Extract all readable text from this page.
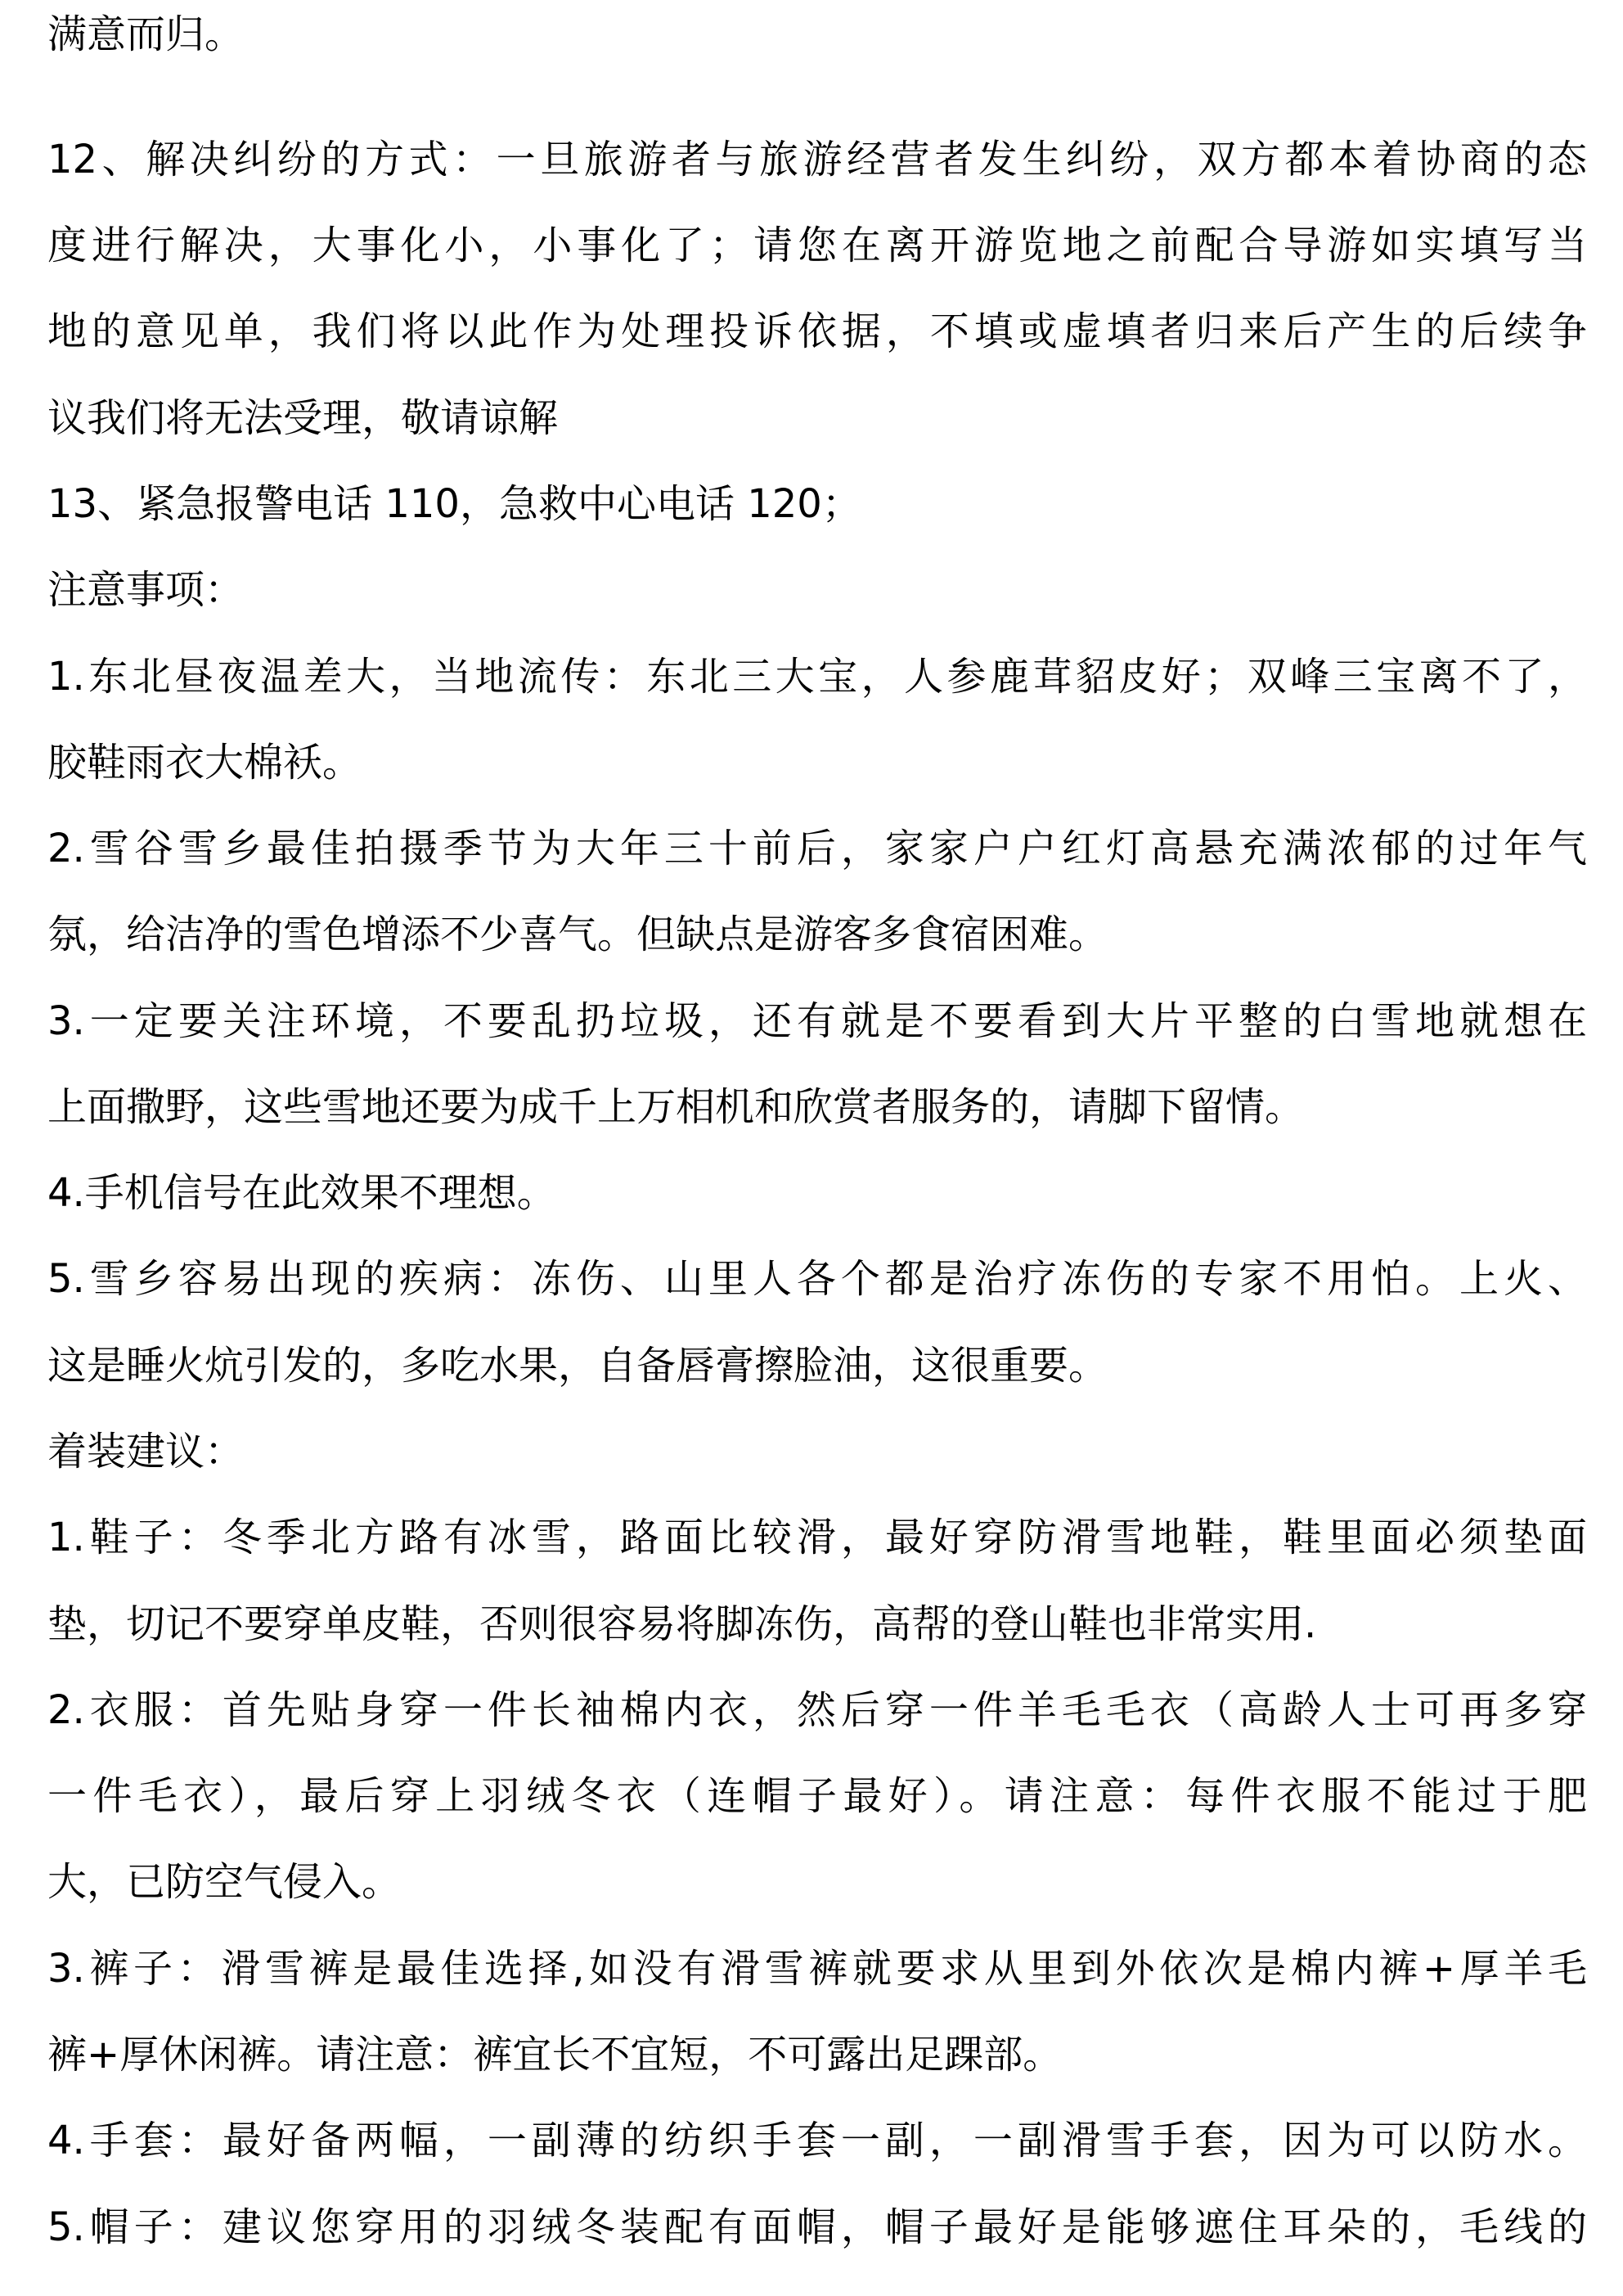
满意而归。
12、解决纠纷的方式：一旦旅游者与旅游经营者发生纠纷，双方都本着协商的态
度进行解决，大事化小，小事化了；请您在离开游览地之前配合导游如实填写当
地的意见单，我们将以此作为处理投诉依据，不填或虚填者归来后产生的后续争
议我们将无法受理，敬请谅解
13、紧急报警电话 110，急救中心电话 120；
注意事项：
1.东北昼夜温差大，当地流传：东北三大宝，人参鹿茸貂皮好；双峰三宝离不了，
胶鞋雨衣大棉袄。
2.雪谷雪乡最佳拍摄季节为大年三十前后，家家户户红灯高悬充满浓郁的过年气
氛，给洁净的雪色增添不少喜气。但缺点是游客多食宿困难。
3.一定要关注环境，不要乱扔垃圾，还有就是不要看到大片平整的白雪地就想在
上面撒野，这些雪地还要为成千上万相机和欣赏者服务的，请脚下留情。
4.手机信号在此效果不理想。
5.雪乡容易出现的疾病：冻伤、山里人各个都是治疗冻伤的专家不用怕。上火、
这是睡火炕引发的，多吃水果，自备唇膏擦脸油，这很重要。
着装建议：
1.鞋子：冬季北方路有冰雪，路面比较滑，最好穿防滑雪地鞋，鞋里面必须垫面
垫，切记不要穿单皮鞋，否则很容易将脚冻伤，高帮的登山鞋也非常实用.
2.衣服：首先贴身穿一件长袖棉内衣，然后穿一件羊毛毛衣（高龄人士可再多穿
一件毛衣），最后穿上羽绒冬衣（连帽子最好）。请注意：每件衣服不能过于肥
大，已防空气侵入。
3.裤子：滑雪裤是最佳选择,如没有滑雪裤就要求从里到外依次是棉内裤+厚羊毛
裤+厚休闲裤。请注意：裤宜长不宜短，不可露出足踝部。
4.手套：最好备两幅，一副薄的纺织手套一副，一副滑雪手套，因为可以防水。
5.帽子：建议您穿用的羽绒冬装配有面帽，帽子最好是能够遮住耳朵的，毛线的
